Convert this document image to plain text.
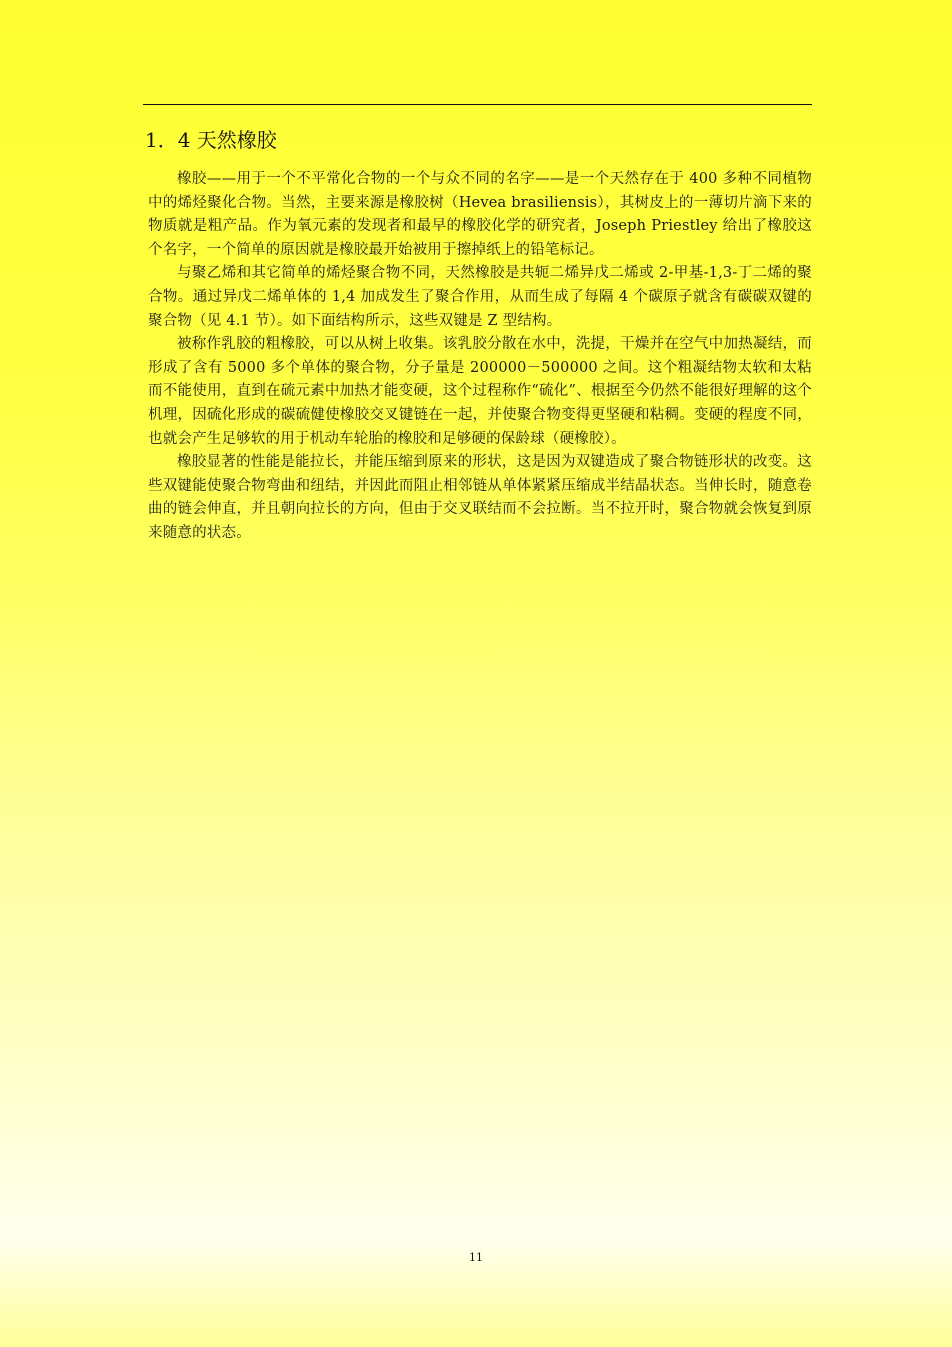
1．4 天然橡胶

橡胶——用于一个不平常化合物的一个与众不同的名字——是一个天然存在于 400 多种不同植物中的烯烃聚化合物。当然，主要来源是橡胶树（Hevea brasiliensis），其树皮上的一薄切片滴下来的物质就是粗产品。作为氧元素的发现者和最早的橡胶化学的研究者，Joseph Priestley 给出了橡胶这个名字，一个简单的原因就是橡胶最开始被用于擦掉纸上的铅笔标记。

与聚乙烯和其它简单的烯烃聚合物不同，天然橡胶是共轭二烯异戊二烯或 2-甲基-1,3-丁二烯的聚合物。通过异戊二烯单体的 1,4 加成发生了聚合作用，从而生成了每隔 4 个碳原子就含有碳碳双键的聚合物（见 4.1 节）。如下面结构所示，这些双键是 Z 型结构。

被称作乳胶的粗橡胶，可以从树上收集。该乳胶分散在水中，洗提，干燥并在空气中加热凝结，而形成了含有 5000 多个单体的聚合物，分子量是 200000－500000 之间。这个粗凝结物太软和太粘而不能使用，直到在硫元素中加热才能变硬，这个过程称作“硫化”、根据至今仍然不能很好理解的这个机理，因硫化形成的碳硫健使橡胶交叉键链在一起，并使聚合物变得更坚硬和粘稠。变硬的程度不同，也就会产生足够软的用于机动车轮胎的橡胶和足够硬的保龄球（硬橡胶）。

橡胶显著的性能是能拉长，并能压缩到原来的形状，这是因为双键造成了聚合物链形状的改变。这些双键能使聚合物弯曲和纽结，并因此而阻止相邻链从单体紧紧压缩成半结晶状态。当伸长时，随意卷曲的链会伸直，并且朝向拉长的方向，但由于交叉联结而不会拉断。当不拉开时，聚合物就会恢复到原来随意的状态。

11
